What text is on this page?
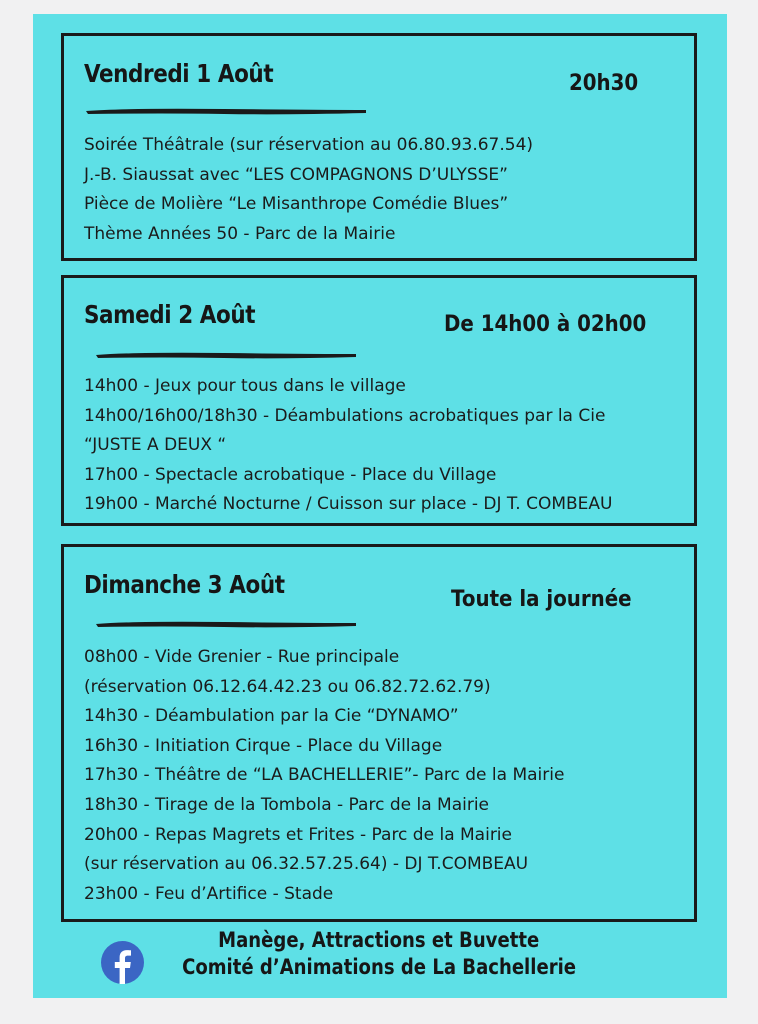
Vendredi 1 Août	20h30
Soirée Théâtrale (sur réservation au 06.80.93.67.54)
J.-B. Siaussat avec “LES COMPAGNONS D’ULYSSE”
Pièce de Molière “Le Misanthrope Comédie Blues”
Thème Années 50 - Parc de la Mairie
Samedi 2 Août	De 14h00 à 02h00
14h00 - Jeux pour tous dans le village
14h00/16h00/18h30 - Déambulations acrobatiques par la Cie
“JUSTE A DEUX “
17h00 - Spectacle acrobatique - Place du Village
19h00 - Marché Nocturne / Cuisson sur place - DJ T. COMBEAU
Dimanche 3 Août
Toute la journée
08h00 - Vide Grenier - Rue principale
(réservation 06.12.64.42.23 ou 06.82.72.62.79)
14h30 - Déambulation par la Cie “DYNAMO”
16h30 - Initiation Cirque - Place du Village
17h30 - Théâtre de “LA BACHELLERIE”- Parc de la Mairie
18h30 - Tirage de la Tombola - Parc de la Mairie
20h00 - Repas Magrets et Frites - Parc de la Mairie
(sur réservation au 06.32.57.25.64) - DJ T.COMBEAU
23h00 - Feu d’Artifice - Stade
Manège, Attractions et Buvette
Comité d’Animations de La Bachellerie
